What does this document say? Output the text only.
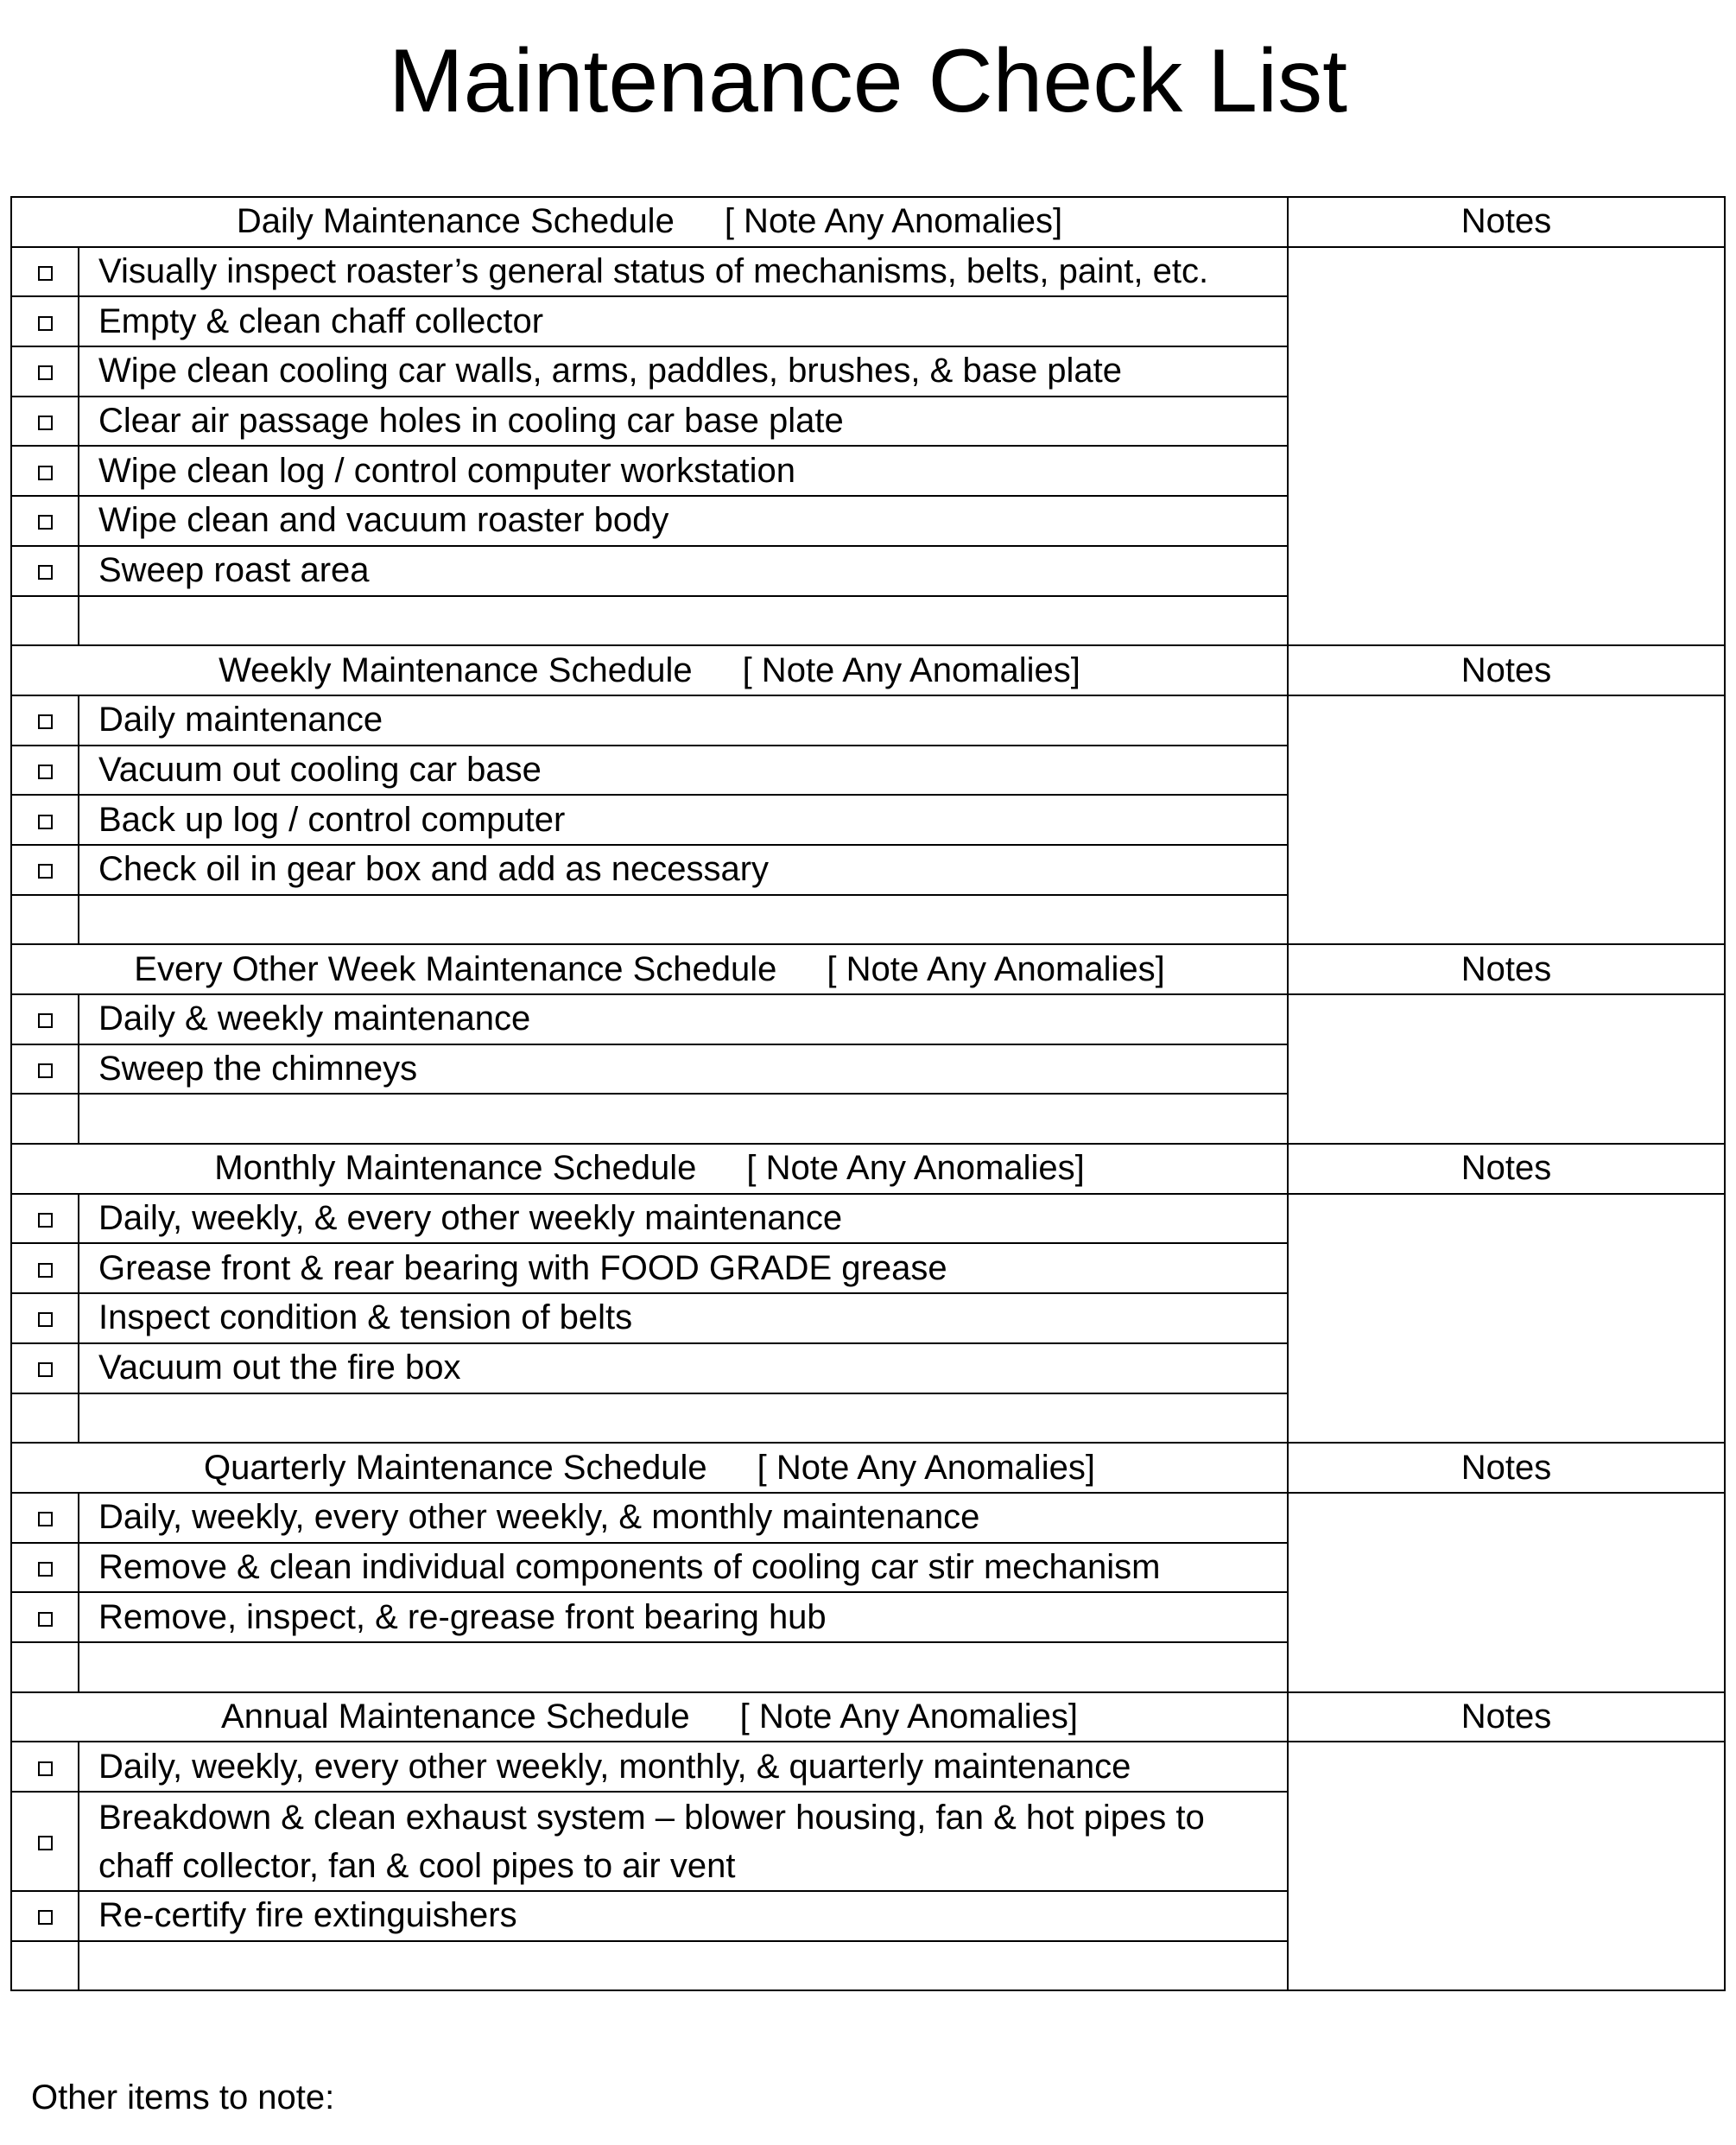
Maintenance Check List
Daily Maintenance Schedule [ Note Any Anomalies]		Notes
	Visually inspect roaster’s general status of mechanisms, belts, paint, etc.	
	Empty & clean chaff collector	
	Wipe clean cooling car walls, arms, paddles, brushes, & base plate	
	Clear air passage holes in cooling car base plate	
	Wipe clean log / control computer workstation	
	Wipe clean and vacuum roaster body	
	Sweep roast area	

Weekly Maintenance Schedule [ Note Any Anomalies]		Notes
	Daily maintenance	
	Vacuum out cooling car base	
	Back up log / control computer	
	Check oil in gear box and add as necessary	

Every Other Week Maintenance Schedule [ Note Any Anomalies]		Notes
	Daily & weekly maintenance	
	Sweep the chimneys	

Monthly Maintenance Schedule [ Note Any Anomalies]		Notes
	Daily, weekly, & every other weekly maintenance	
	Grease front & rear bearing with FOOD GRADE grease	
	Inspect condition & tension of belts	
	Vacuum out the fire box	

Quarterly Maintenance Schedule [ Note Any Anomalies]		Notes
	Daily, weekly, every other weekly, & monthly maintenance	
	Remove & clean individual components of cooling car stir mechanism	
	Remove, inspect, & re-grease front bearing hub	

Annual Maintenance Schedule [ Note Any Anomalies]		Notes
	Daily, weekly, every other weekly, monthly, & quarterly maintenance	
	Breakdown & clean exhaust system – blower housing, fan & hot pipes to chaff collector, fan & cool pipes to air vent	
	Re-certify fire extinguishers	

Other items to note:
